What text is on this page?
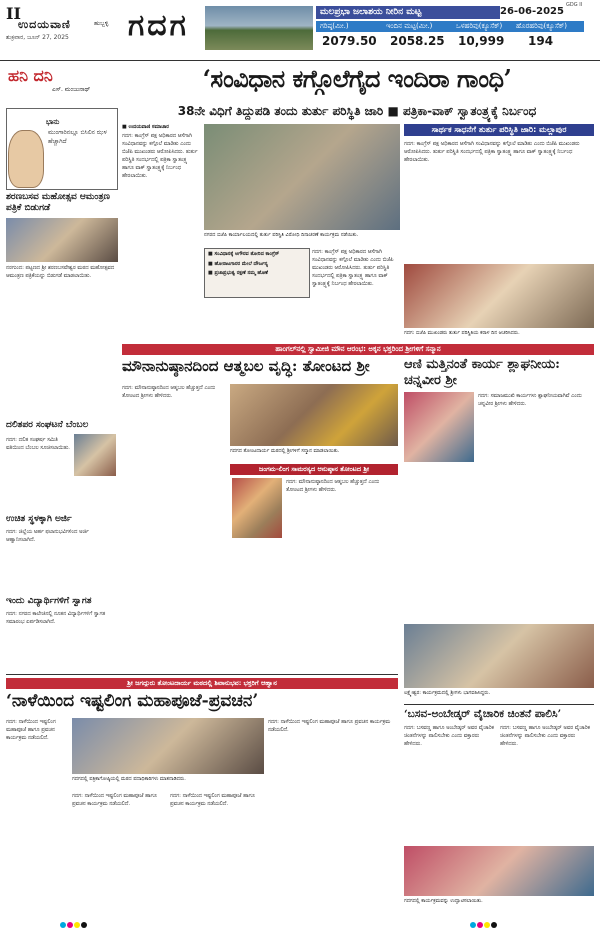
II
ಉದಯವಾಣಿ	ಹುಬ್ಬಳ್ಳಿ
ಶುಕ್ರವಾರ, ಜೂನ್ 27, 2025 ಗದಗ
GDG II
ಮಲಪ್ರಭಾ ಜಲಾಶಯ ನೀರಿನ ಮಟ್ಟ	26-06-2025
ಗರಿಷ್ಠ(ಮೀ.)	ಇಂದಿನ ಮಟ್ಟ(ಮೀ.)	ಒಳಹರಿವು(ಕ್ಯೂಸೆಕ್) ಹೊರಹರಿವು(ಕ್ಯೂಸೆಕ್)
2079.50 2058.25 10,999 194
ಹನಿ ದನಿ
ಎಸ್. ಮಂಜುನಾಥ್	‘ಸಂವಿಧಾನ ಕಗ್ಗೊಲೆಗೈದ ಇಂದಿರಾ ಗಾಂಧಿ’
38ನೇ ವಿಧಿಗೆ ತಿದ್ದುಪಡಿ ತಂದು ತುರ್ತು ಪರಿಸ್ಥಿತಿ ಜಾರಿ ■ ಪತ್ರಿಕಾ-ವಾಕ್ ಸ್ವಾತಂತ್ರ್ಯಕ್ಕೆ ನಿರ್ಬಂಧ
ಭಾನು
ಮುಂಗಾರಿನಲ್ಲೂ ಬಿಸಿಲಿನ ಝಳ ಹೆಚ್ಚಾಗಿದೆ
ಶರಣಬಸವ ಮಹೋತ್ಸವ ಆಮಂತ್ರಣ ಪತ್ರಿಕೆ ಬಿಡುಗಡೆ
ನರಗುಂದ: ಪಟ್ಟಣದ ಶ್ರೀ ಶರಣಬಸವೇಶ್ವರ ಮಠದ ಮಹೋತ್ಸವದ ಆಮಂತ್ರಣ ಪತ್ರಿಕೆಯನ್ನು ಬಿಡುಗಡೆ ಮಾಡಲಾಯಿತು.
ದಲಿತಪರ ಸಂಘಟನೆ ಬೆಂಬಲ
ಗದಗ: ದಲಿತ ಸಂಘರ್ಷ ಸಮಿತಿ ವತಿಯಿಂದ ಬೆಂಬಲ ಸೂಚಿಸಲಾಯಿತು.
ಉಚಿತ ಸ್ಥಳಕ್ಕಾಗಿ ಅರ್ಜಿ
ಗದಗ: ಜಿಲ್ಲೆಯ ಅರ್ಹ ಫಲಾನುಭವಿಗಳಿಂದ ಅರ್ಜಿ ಆಹ್ವಾನಿಸಲಾಗಿದೆ.
ಇಂದು ವಿದ್ಯಾರ್ಥಿಗಳಿಗೆ ಸ್ವಾಗತ
ಗದಗ: ನಗರದ ಕಾಲೇಜಿನಲ್ಲಿ ನೂತನ ವಿದ್ಯಾರ್ಥಿಗಳಿಗೆ ಸ್ವಾಗತ ಸಮಾರಂಭ ಏರ್ಪಡಿಸಲಾಗಿದೆ.
■ ಉದಯವಾಣಿ ಸಮಾಚಾರ
ಗದಗ: ಕಾಂಗ್ರೆಸ್ ಪಕ್ಷ ಅಧಿಕಾರದ ಆಸೆಗಾಗಿ ಸಂವಿಧಾನವನ್ನು ಕಗ್ಗೊಲೆ ಮಾಡಿತು ಎಂದು ಬಿಜೆಪಿ ಮುಖಂಡರು ಆರೋಪಿಸಿದರು. ತುರ್ತು ಪರಿಸ್ಥಿತಿ ಸಂದರ್ಭದಲ್ಲಿ ಪತ್ರಿಕಾ ಸ್ವಾತಂತ್ರ್ಯ ಹಾಗೂ ವಾಕ್ ಸ್ವಾತಂತ್ರ್ಯಕ್ಕೆ ನಿರ್ಬಂಧ ಹೇರಲಾಯಿತು.
ನಗರದ ಬಿಜೆಪಿ ಕಾರ್ಯಾಲಯದಲ್ಲಿ ತುರ್ತು ಪರಿಸ್ಥಿತಿ ವಿರೋಧಿ ದಿನಾಚರಣೆ ಕಾರ್ಯಕ್ರಮ ನಡೆಯಿತು.
■ ಸಂವಿಧಾನಕ್ಕೆ ಅಗೌರವ ತೋರಿದ ಕಾಂಗ್ರೆಸ್
■ ಹೋರಾಟಗಾರರ ಮೇಲೆ ದೌರ್ಜನ್ಯ
■ ಪ್ರಜಾಪ್ರಭುತ್ವ ರಕ್ಷಣೆ ನಮ್ಮ ಹೊಣೆ
ಗದಗ: ಕಾಂಗ್ರೆಸ್ ಪಕ್ಷ ಅಧಿಕಾರದ ಆಸೆಗಾಗಿ ಸಂವಿಧಾನವನ್ನು ಕಗ್ಗೊಲೆ ಮಾಡಿತು ಎಂದು ಬಿಜೆಪಿ ಮುಖಂಡರು ಆರೋಪಿಸಿದರು. ತುರ್ತು ಪರಿಸ್ಥಿತಿ ಸಂದರ್ಭದಲ್ಲಿ ಪತ್ರಿಕಾ ಸ್ವಾತಂತ್ರ್ಯ ಹಾಗೂ ವಾಕ್ ಸ್ವಾತಂತ್ರ್ಯಕ್ಕೆ ನಿರ್ಬಂಧ ಹೇರಲಾಯಿತು.
ಸಾರ್ಥಕ ಸಾಧನೆಗೆ ತುರ್ತು ಪರಿಸ್ಥಿತಿ ಜಾರಿ: ಮಲ್ಲಾಪುರ
ಗದಗ: ಕಾಂಗ್ರೆಸ್ ಪಕ್ಷ ಅಧಿಕಾರದ ಆಸೆಗಾಗಿ ಸಂವಿಧಾನವನ್ನು ಕಗ್ಗೊಲೆ ಮಾಡಿತು ಎಂದು ಬಿಜೆಪಿ ಮುಖಂಡರು ಆರೋಪಿಸಿದರು. ತುರ್ತು ಪರಿಸ್ಥಿತಿ ಸಂದರ್ಭದಲ್ಲಿ ಪತ್ರಿಕಾ ಸ್ವಾತಂತ್ರ್ಯ ಹಾಗೂ ವಾಕ್ ಸ್ವಾತಂತ್ರ್ಯಕ್ಕೆ ನಿರ್ಬಂಧ ಹೇರಲಾಯಿತು.
ಗದಗ: ಬಿಜೆಪಿ ಮುಖಂಡರು ತುರ್ತು ಪರಿಸ್ಥಿತಿಯ ಕರಾಳ ದಿನ ಆಚರಿಸಿದರು.
ಹಾಂಗಲ್‌ನಲ್ಲಿ ಸ್ವಾಮೀಜಿ ಮೌನ ಆರಂಭ: ಅಕ್ಕನ ಭಕ್ತರಿಂದ ಶ್ರೀಗಳಿಗೆ ಸನ್ಮಾನ
ಮೌನಾನುಷ್ಠಾನದಿಂದ ಆತ್ಮಬಲ ವೃದ್ಧಿ: ತೋಂಟದ ಶ್ರೀ
ಗದಗ: ಮೌನಾನುಷ್ಠಾನದಿಂದ ಆತ್ಮಬಲ ಹೆಚ್ಚುತ್ತದೆ ಎಂದು ತೋಂಟದ ಶ್ರೀಗಳು ಹೇಳಿದರು.
ಗದಗದ ತೋಂಟದಾರ್ಯ ಮಠದಲ್ಲಿ ಶ್ರೀಗಳಿಗೆ ಸನ್ಮಾನ ಮಾಡಲಾಯಿತು.
ಜಂಗಮ-ಲಿಂಗ ಸಾಮರಸ್ಯದ ಆನುಷ್ಠಾನ ತೋಂಟದ ಶ್ರೀ
ಗದಗ: ಮೌನಾನುಷ್ಠಾನದಿಂದ ಆತ್ಮಬಲ ಹೆಚ್ಚುತ್ತದೆ ಎಂದು ತೋಂಟದ ಶ್ರೀಗಳು ಹೇಳಿದರು.
ಆಣಿ ಮತ್ತಿನಂತೆ ಕಾರ್ಯ ಶ್ಲಾಘನೀಯ: ಚನ್ನವೀರ ಶ್ರೀ
ಗದಗ: ಸಮಾಜಮುಖಿ ಕಾರ್ಯಗಳು ಶ್ಲಾಘನೀಯವಾಗಿವೆ ಎಂದು ಚನ್ನವೀರ ಶ್ರೀಗಳು ಹೇಳಿದರು.
ಲಕ್ಷ್ಮೇಶ್ವರ: ಕಾರ್ಯಕ್ರಮದಲ್ಲಿ ಶ್ರೀಗಳು ಭಾಗವಹಿಸಿದ್ದರು.
ಶ್ರೀ ಜಗದ್ಗುರು ತೋಂಟದಾರ್ಯ ಮಠದಲ್ಲಿ ಶಿವಾನುಭವ: ಭಕ್ತರಿಗೆ ಆಹ್ವಾನ
‘ನಾಳೆಯಿಂದ ಇಷ್ಟಲಿಂಗ ಮಹಾಪೂಜೆ-ಪ್ರವಚನ’
ಗದಗ: ನಾಳೆಯಿಂದ ಇಷ್ಟಲಿಂಗ ಮಹಾಪೂಜೆ ಹಾಗೂ ಪ್ರವಚನ ಕಾರ್ಯಕ್ರಮ ನಡೆಯಲಿದೆ.
ಗದಗದಲ್ಲಿ ಪತ್ರಿಕಾಗೋಷ್ಠಿಯಲ್ಲಿ ಮಠದ ಪದಾಧಿಕಾರಿಗಳು ಮಾತನಾಡಿದರು.
ಗದಗ: ನಾಳೆಯಿಂದ ಇಷ್ಟಲಿಂಗ ಮಹಾಪೂಜೆ ಹಾಗೂ ಪ್ರವಚನ ಕಾರ್ಯಕ್ರಮ ನಡೆಯಲಿದೆ.
ಗದಗ: ನಾಳೆಯಿಂದ ಇಷ್ಟಲಿಂಗ ಮಹಾಪೂಜೆ ಹಾಗೂ ಪ್ರವಚನ ಕಾರ್ಯಕ್ರಮ ನಡೆಯಲಿದೆ.
ಗದಗ: ನಾಳೆಯಿಂದ ಇಷ್ಟಲಿಂಗ ಮಹಾಪೂಜೆ ಹಾಗೂ ಪ್ರವಚನ ಕಾರ್ಯಕ್ರಮ ನಡೆಯಲಿದೆ.
‘ಬಸವ-ಅಂಬೇಡ್ಕರ್ ವೈಚಾರಿಕ ಚಿಂತನೆ ಪಾಲಿಸಿ’
ಗದಗ: ಬಸವಣ್ಣ ಹಾಗೂ ಅಂಬೇಡ್ಕರ್ ಅವರ ವೈಚಾರಿಕ ಚಿಂತನೆಗಳನ್ನು ಪಾಲಿಸಬೇಕು ಎಂದು ವಕ್ತಾರರು ಹೇಳಿದರು.
ಗದಗ: ಬಸವಣ್ಣ ಹಾಗೂ ಅಂಬೇಡ್ಕರ್ ಅವರ ವೈಚಾರಿಕ ಚಿಂತನೆಗಳನ್ನು ಪಾಲಿಸಬೇಕು ಎಂದು ವಕ್ತಾರರು ಹೇಳಿದರು.
ಗದಗದಲ್ಲಿ ಕಾರ್ಯಕ್ರಮವನ್ನು ಉದ್ಘಾಟಿಸಲಾಯಿತು.
